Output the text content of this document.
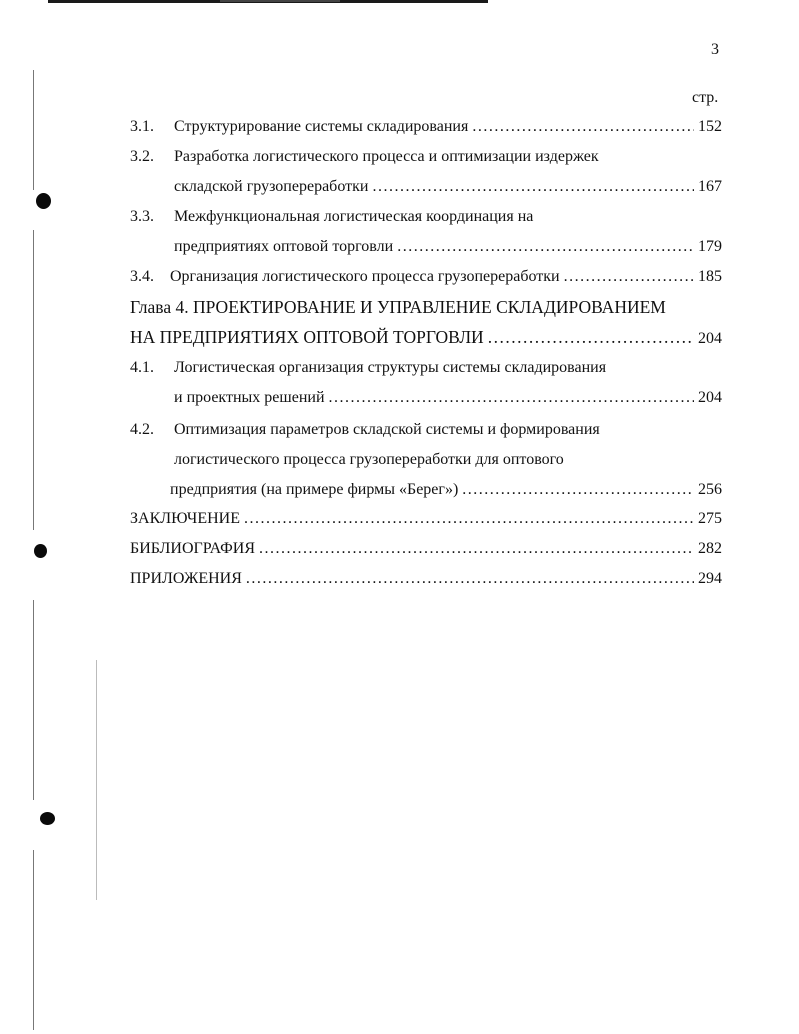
3
стр.
3.1.	Структурирование системы складирования .....	152
3.2. Разработка логистического процесса и оптимизации издержек
складской грузопереработки .....	167
3.3. Межфункциональная логистическая координация на
предприятиях оптовой торговли .....	179
3.4.	Организация логистического процесса грузопереработки .....	185
Глава 4. ПРОЕКТИРОВАНИЕ И УПРАВЛЕНИЕ СКЛАДИРОВАНИЕМ
НА ПРЕДПРИЯТИЯХ ОПТОВОЙ ТОРГОВЛИ .....	204
4.1. Логистическая организация структуры системы складирования
и проектных решений .....	204
4.2. Оптимизация параметров складской системы и формирования
логистического процесса грузопереработки для оптового
предприятия (на примере фирмы «Берег») .....	256
ЗАКЛЮЧЕНИЕ .....	275
БИБЛИОГРАФИЯ .....	282
ПРИЛОЖЕНИЯ .....	294
